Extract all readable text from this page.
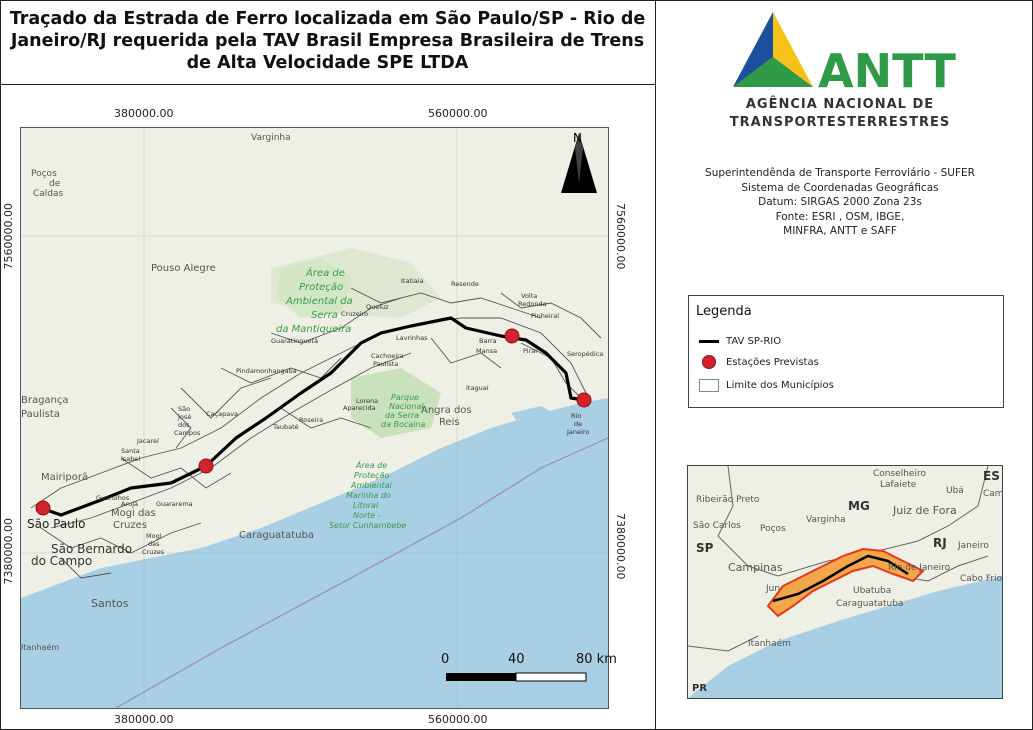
Traçado da Estrada de Ferro localizada em São Paulo/SP - Rio de Janeiro/RJ requerida pela TAV Brasil Empresa Brasileira de Trens de Alta Velocidade SPE LTDA
380000.00	560000.00
380000.00	560000.00
7560000.00
7380000.00
7560000.00
7380000.00
Varginha
Poços
de
Caldas
Pouso Alegre	Área de
Proteção
Ambiental da
Serra
da Mantiqueira
Itatiaia	Resende
Volta
Redonda
Pinheiral
Queluz
Cruzeiro
Lavrinhas
Cachoeira
Paulista
Barra
Mansa	Piraí	Seropédica
Guaratinguetá
Pindamonhangaba
Lorena
Aparecida
Roseira
Taubaté
Caçapava
São
José
dos
Campos
Jacareí
Santa
Isabel
Guarulhos
Arujá	Guararema
Mogi
das
Cruzes
Itaguaí
Rio
de
Janeiro
Bragança
Paulista
Mairiporã
Mogi das
Cruzes
São Paulo
São Bernardo
do Campo
Santos
Caraguatatuba
Angra dos
Reis
Itanhaém
Parque
Nacional
da Serra
da Bocaina
Área de
Proteção
Ambiental
Marinha do
Litoral
Norte -
Setor Cunhambebe
N
0	40	80 km
ANTT
AGÊNCIA NACIONAL DE
TRANSPORTESTERRESTRES
Superintendênda de Transporte Ferroviário - SUFER
Sistema de Coordenadas Geográficas
Datum: SIRGAS 2000 Zona 23s
Fonte: ESRI , OSM, IBGE,
MINFRA, ANTT e SAFF
Legenda
TAV SP-RIO
Estações Previstas
Limite dos Municípios
Conselheiro
Lafaiete
Ubá
Juiz de Fora
Varginha
Ribeirão Preto
São Carlos Poços
Campinas
Jun
Caraguatatuba
Ubatuba
Itanhaém
Cabo Frio
Cam
Janeiro
Rio de Janeiro
SP
MG
RJ
ES
PR
